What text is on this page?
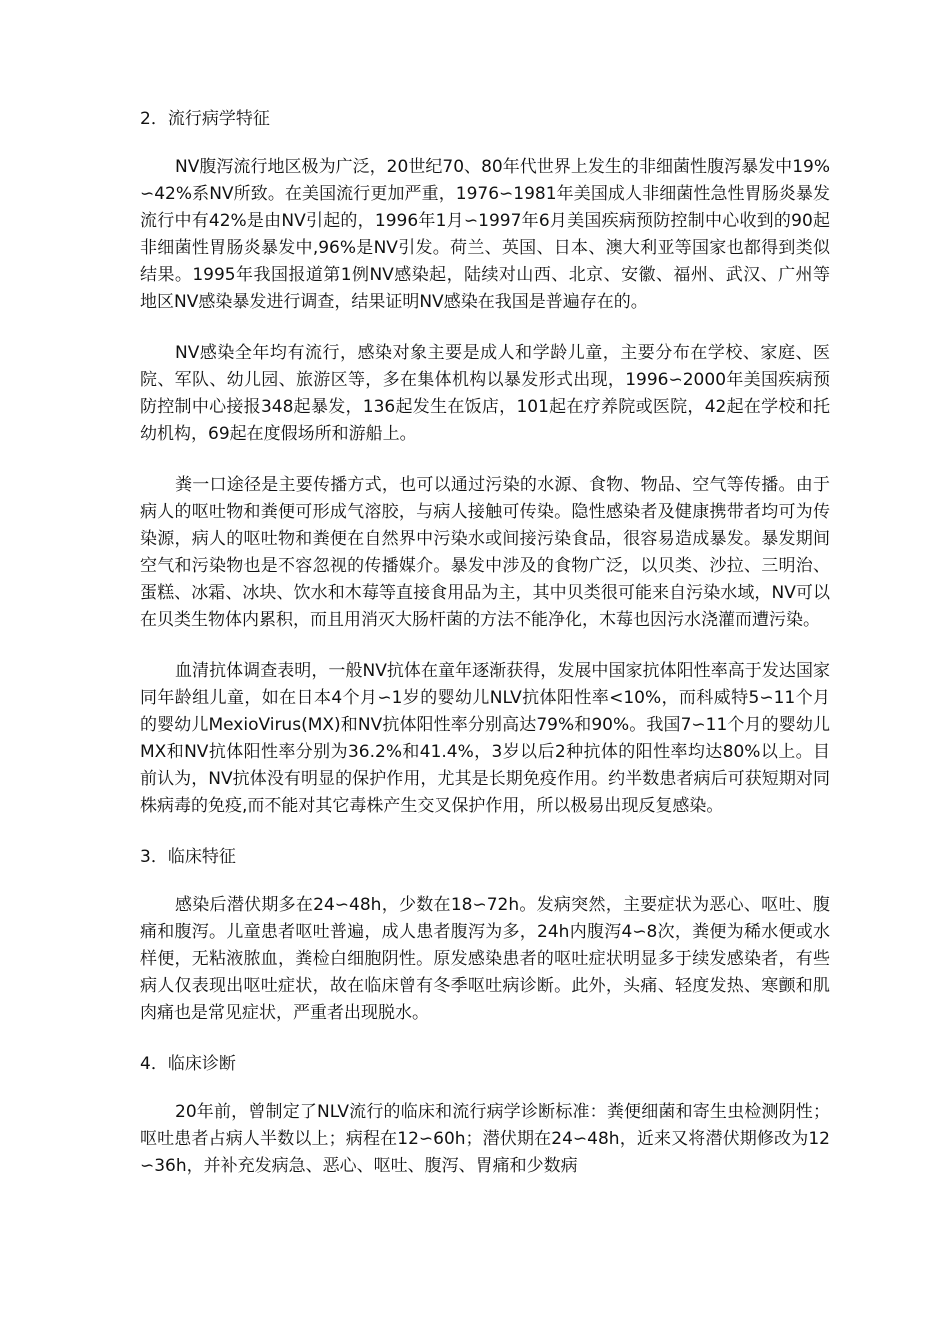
2．流行病学特征

NV腹泻流行地区极为广泛，20世纪70、80年代世界上发生的非细菌性腹泻暴发中19%∽42%系NV所致。在美国流行更加严重，1976∽1981年美国成人非细菌性急性胃肠炎暴发流行中有42%是由NV引起的，1996年1月∽1997年6月美国疾病预防控制中心收到的90起非细菌性胃肠炎暴发中,96%是NV引发。荷兰、英国、日本、澳大利亚等国家也都得到类似结果。1995年我国报道第1例NV感染起，陆续对山西、北京、安徽、福州、武汉、广州等地区NV感染暴发进行调查，结果证明NV感染在我国是普遍存在的。

NV感染全年均有流行，感染对象主要是成人和学龄儿童，主要分布在学校、家庭、医院、军队、幼儿园、旅游区等，多在集体机构以暴发形式出现，1996∽2000年美国疾病预防控制中心接报348起暴发，136起发生在饭店，101起在疗养院或医院，42起在学校和托幼机构，69起在度假场所和游船上。

粪一口途径是主要传播方式，也可以通过污染的水源、食物、物品、空气等传播。由于病人的呕吐物和粪便可形成气溶胶，与病人接触可传染。隐性感染者及健康携带者均可为传染源，病人的呕吐物和粪便在自然界中污染水或间接污染食品，很容易造成暴发。暴发期间空气和污染物也是不容忽视的传播媒介。暴发中涉及的食物广泛，以贝类、沙拉、三明治、蛋糕、冰霜、冰块、饮水和木莓等直接食用品为主，其中贝类很可能来自污染水域，NV可以在贝类生物体内累积，而且用消灭大肠杆菌的方法不能净化，木莓也因污水浇灌而遭污染。

血清抗体调查表明，一般NV抗体在童年逐渐获得，发展中国家抗体阳性率高于发达国家同年龄组儿童，如在日本4个月∽1岁的婴幼儿NLV抗体阳性率<10%，而科威特5∽11个月的婴幼儿MexioVirus(MX)和NV抗体阳性率分别高达79%和90%。我国7∽11个月的婴幼儿MX和NV抗体阳性率分别为36.2%和41.4%，3岁以后2种抗体的阳性率均达80%以上。目前认为，NV抗体没有明显的保护作用，尤其是长期免疫作用。约半数患者病后可获短期对同株病毒的免疫,而不能对其它毒株产生交叉保护作用，所以极易出现反复感染。

3．临床特征

感染后潜伏期多在24∽48h，少数在18∽72h。发病突然，主要症状为恶心、呕吐、腹痛和腹泻。儿童患者呕吐普遍，成人患者腹泻为多，24h内腹泻4∽8次，粪便为稀水便或水样便，无粘液脓血，粪检白细胞阴性。原发感染患者的呕吐症状明显多于续发感染者，有些病人仅表现出呕吐症状，故在临床曾有冬季呕吐病诊断。此外，头痛、轻度发热、寒颤和肌肉痛也是常见症状，严重者出现脱水。

4．临床诊断

20年前，曾制定了NLV流行的临床和流行病学诊断标准：粪便细菌和寄生虫检测阴性；呕吐患者占病人半数以上；病程在12∽60h；潜伏期在24∽48h，近来又将潜伏期修改为12∽36h，并补充发病急、恶心、呕吐、腹泻、胃痛和少数病
